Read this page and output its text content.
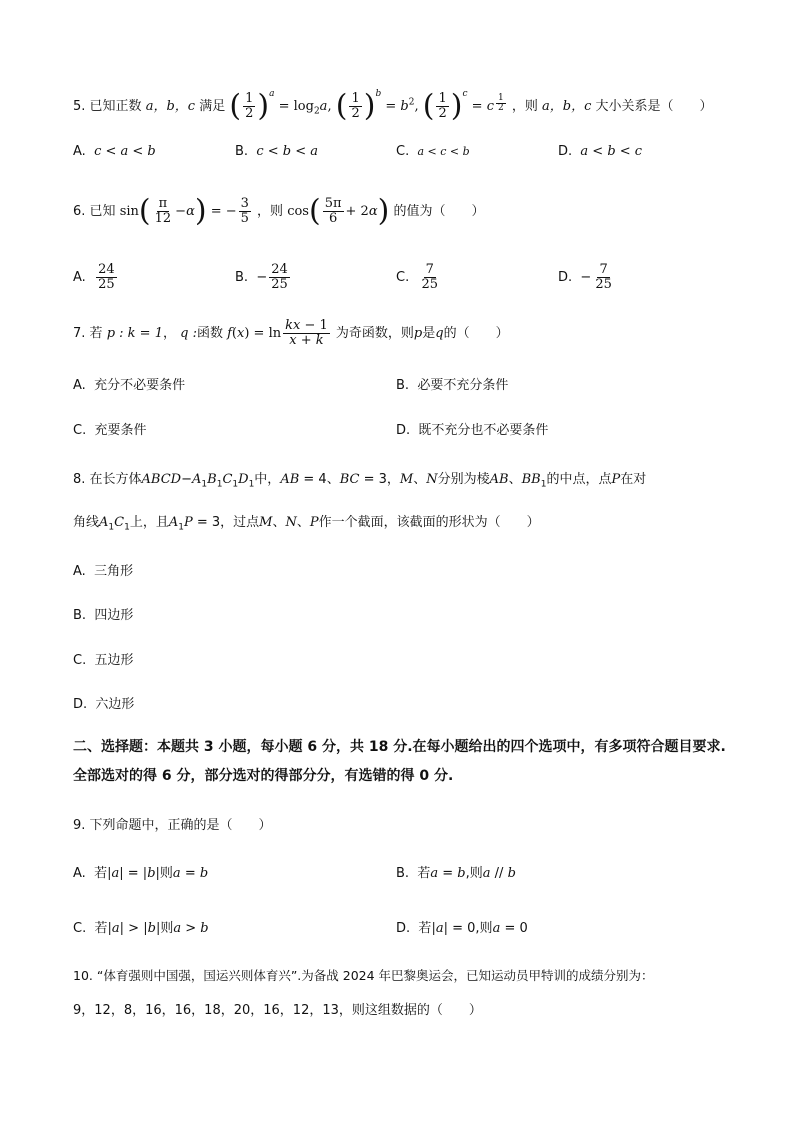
5. 已知正数 a，b，c 满足 ( $\frac{1}{2} )^a = \log_2a$, ( $\frac{1}{2} )^b = b^2$, ( $\frac{1}{2} )^c = c \frac{1}{2}$ ，则 a，b，c 大小关系是（　　）
A. c < a < b	B. c < b < a	C. a < c < b	D. a < b < c
6. 已知 $\sin( \frac{\pi}{12} -\alpha)$ = − $\frac{3}{5}$ ，则 $\cos( \frac{5\pi}{6} + 2\alpha)$ 的值为（　　）
A. $\frac{24}{25}$	B. − $\frac{24}{25}$	C. $\frac{7}{25}$	D. − $\frac{7}{25}$
7. 若 p : k = 1， q :函数 $f(x) = \ln \frac{kx - 1}{x + k}$ 为奇函数，则p是q的（　　）
A. 充分不必要条件	B. 必要不充分条件
C. 充要条件	D. 既不充分也不必要条件
8. 在长方体$ABCD-A_1B_1C_1D_1$中，AB = 4、BC = 3，M、N分别为棱AB、$BB_1$的中点，点P在对
角线$A_1C_1$上，且$A_1P = 3$，过点M、N、P作一个截面，该截面的形状为（　　）
A. 三角形
B. 四边形
C. 五边形
D. 六边形
二、选择题：本题共 3 小题，每小题 6 分，共 18 分.在每小题给出的四个选项中，有多项符合题目要求.全部选对的得 6 分，部分选对的得部分分，有选错的得 0 分.
9. 下列命题中，正确的是（　　）
A. 若|a| = |b|则a = b	B. 若a = b,则a // b
C. 若|a| > |b|则a > b	D. 若|a| = 0,则a = 0
10. “体育强则中国强，国运兴则体育兴”.为备战 2024 年巴黎奥运会，已知运动员甲特训的成绩分别为：
9，12，8，16，16，18，20，16，12，13，则这组数据的（　　）
